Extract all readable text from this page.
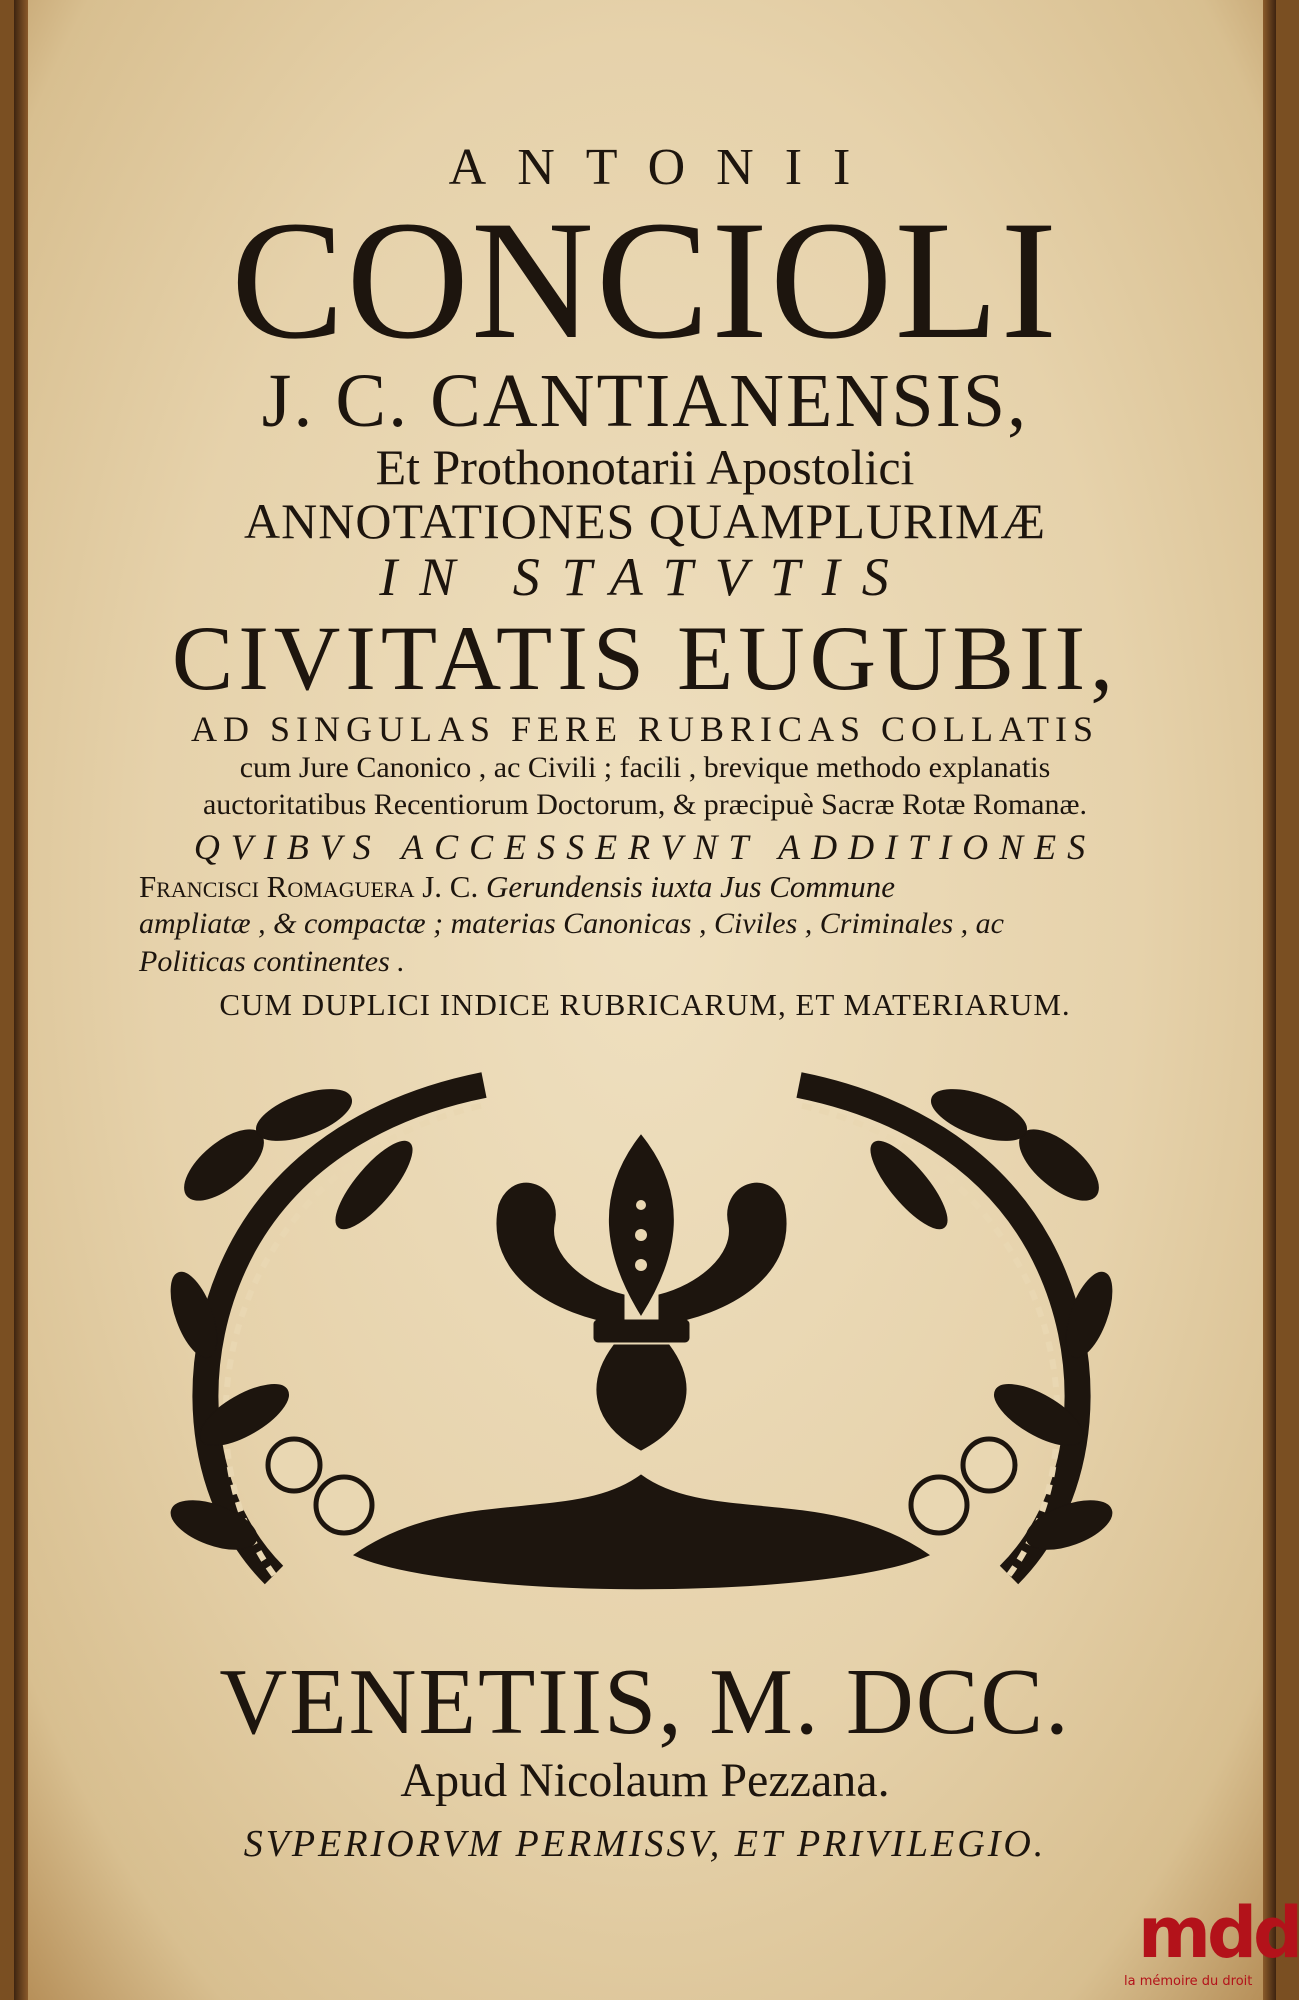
ANTONII
CONCIOLI
J. C. CANTIANENSIS,
Et Prothonotarii Apostolici
ANNOTATIONES QUAMPLURIMÆ
IN STATVTIS
CIVITATIS EUGUBII,
AD SINGULAS FERE RUBRICAS COLLATIS
cum Jure Canonico , ac Civili ; facili , brevique methodo explanatis
auctoritatibus Recentiorum Doctorum, & præcipuè Sacræ Rotæ Romanæ.
QVIBVS ACCESSERVNT ADDITIONES
Francisci Romaguera J. C. Gerundensis iuxta Jus Commune
ampliatæ , & compactæ ; materias Canonicas , Civiles , Criminales , ac
Politicas continentes .
CUM DUPLICI INDICE RUBRICARUM, ET MATERIARUM.
VENETIIS, M. DCC.
Apud Nicolaum Pezzana.
SVPERIORVM PERMISSV, ET PRIVILEGIO.
mdd
la mémoire du droit
